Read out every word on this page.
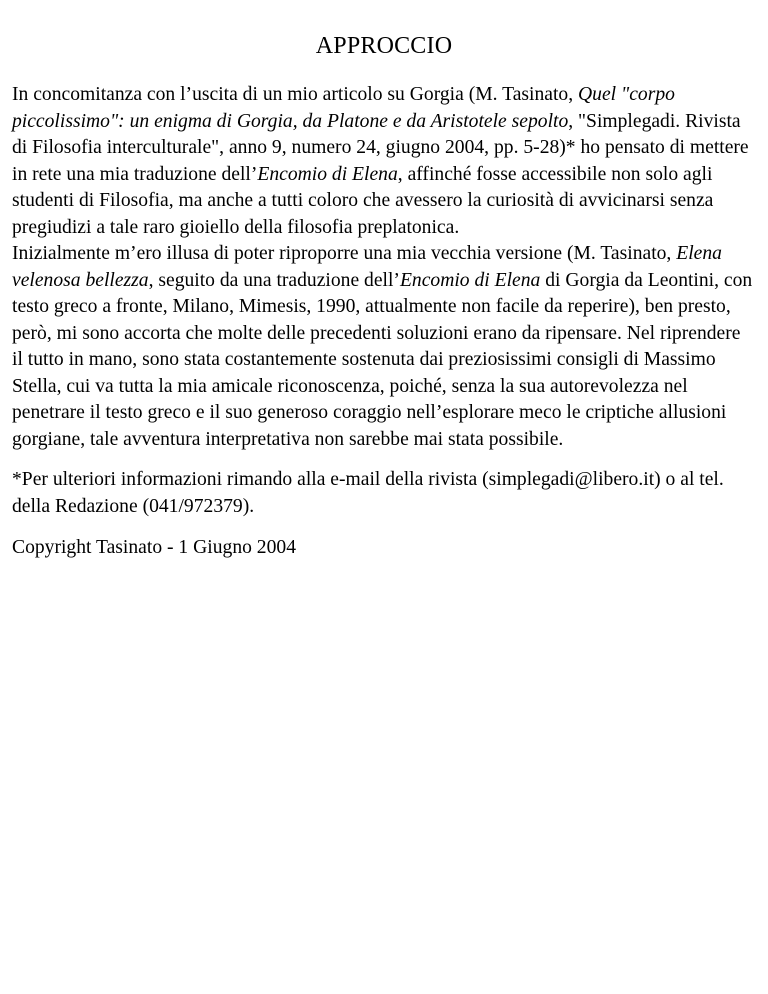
APPROCCIO

In concomitanza con l’uscita di un mio articolo su Gorgia (M. Tasinato, Quel "corpo piccolissimo": un enigma di Gorgia, da Platone e da Aristotele sepolto, "Simplegadi. Rivista di Filosofia interculturale", anno 9, numero 24, giugno 2004, pp. 5-28)* ho pensato di mettere in rete una mia traduzione dell’Encomio di Elena, affinché fosse accessibile non solo agli studenti di Filosofia, ma anche a tutti coloro che avessero la curiosità di avvicinarsi senza pregiudizi a tale raro gioiello della filosofia preplatonica.

Inizialmente m’ero illusa di poter riproporre una mia vecchia versione (M. Tasinato, Elena velenosa bellezza, seguito da una traduzione dell’Encomio di Elena di Gorgia da Leontini, con testo greco a fronte, Milano, Mimesis, 1990, attualmente non facile da reperire), ben presto, però, mi sono accorta che molte delle precedenti soluzioni erano da ripensare. Nel riprendere il tutto in mano, sono stata costantemente sostenuta dai preziosissimi consigli di Massimo Stella, cui va tutta la mia amicale riconoscenza, poiché, senza la sua autorevolezza nel penetrare il testo greco e il suo generoso coraggio nell’esplorare meco le criptiche allusioni gorgiane, tale avventura interpretativa non sarebbe mai stata possibile.

*Per ulteriori informazioni rimando alla e-mail della rivista (simplegadi@libero.it) o al tel. della Redazione (041/972379).

Copyright Tasinato - 1 Giugno 2004
